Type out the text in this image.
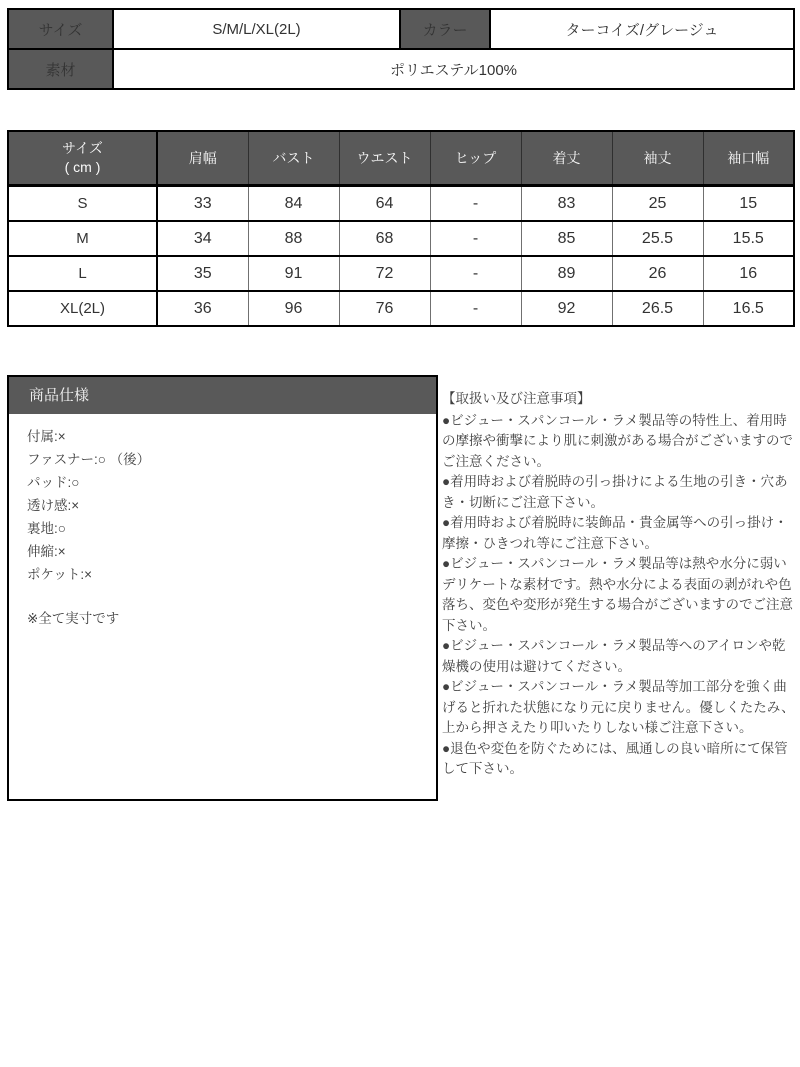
サイズ	S/M/L/XL(2L)	カラー	ターコイズ/グレージュ
素材	ポリエステル100%		
サイズ
( cm )	肩幅	バスト	ウエスト	ヒップ	着丈	袖丈	袖口幅
S	33	84	64	-	83	25	15
M	34	88	68	-	85	25.5	15.5
L	35	91	72	-	89	26	16
XL(2L)	36	96	76	-	92	26.5	16.5
商品仕様
付属:×
ファスナー:○ （後）
パッド:○
透け感:×
裏地:○
伸縮:×
ポケット:×
※全て実寸です

【取扱い及び注意事項】

●ビジュー・スパンコール・ラメ製品等の特性上、着用時の摩擦や衝撃により肌に刺激がある場合がございますのでご注意ください。

●着用時および着脱時の引っ掛けによる生地の引き・穴あき・切断にご注意下さい。

●着用時および着脱時に装飾品・貴金属等への引っ掛け・摩擦・ひきつれ等にご注意下さい。

●ビジュー・スパンコール・ラメ製品等は熱や水分に弱いデリケートな素材です。熱や水分による表面の剥がれや色落ち、変色や変形が発生する場合がございますのでご注意下さい。

●ビジュー・スパンコール・ラメ製品等へのアイロンや乾燥機の使用は避けてください。

●ビジュー・スパンコール・ラメ製品等加工部分を強く曲げると折れた状態になり元に戻りません。優しくたたみ、上から押さえたり叩いたりしない様ご注意下さい。

●退色や変色を防ぐためには、風通しの良い暗所にて保管して下さい。
